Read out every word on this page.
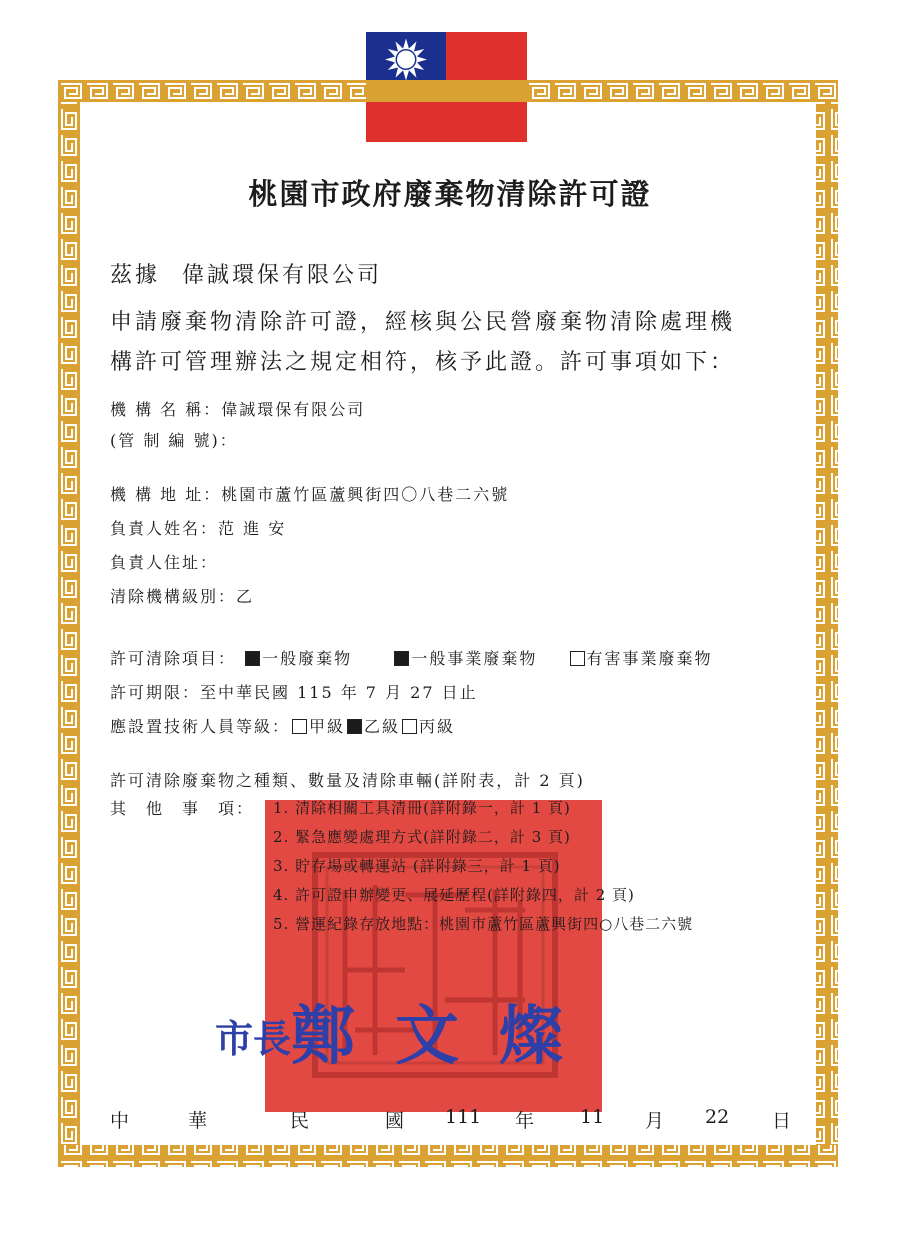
桃園市政府廢棄物清除許可證
茲據 偉誠環保有限公司
申請廢棄物清除許可證，經核與公民營廢棄物清除處理機
構許可管理辦法之規定相符，核予此證。許可事項如下：
機 構 名 稱：偉誠環保有限公司
(管 制 編 號)：
機 構 地 址：桃園市蘆竹區蘆興街四〇八巷二六號
負責人姓名：范 進 安
負責人住址：
清除機構級別：乙
許可清除項目： 一般廢棄物	一般事業廢棄物	有害事業廢棄物
許可期限：至中華民國 115 年 7 月 27 日止
應設置技術人員等級： 甲級 乙級 丙級
許可清除廢棄物之種類、數量及清除車輛(詳附表，計 2 頁)
其　他　事　項： 1. 清除相關工具清冊(詳附錄一，計 1 頁)
2. 緊急應變處理方式(詳附錄二，計 3 頁)
3. 貯存場或轉運站 (詳附錄三，計 1 頁)
4. 許可證申辦變更、展延歷程(詳附錄四，計 2 頁)
5. 營運紀錄存放地點：桃園市蘆竹區蘆興街四○八巷二六號
市長鄭文燦
中	華	民	國 111 年 11 月 22 日
